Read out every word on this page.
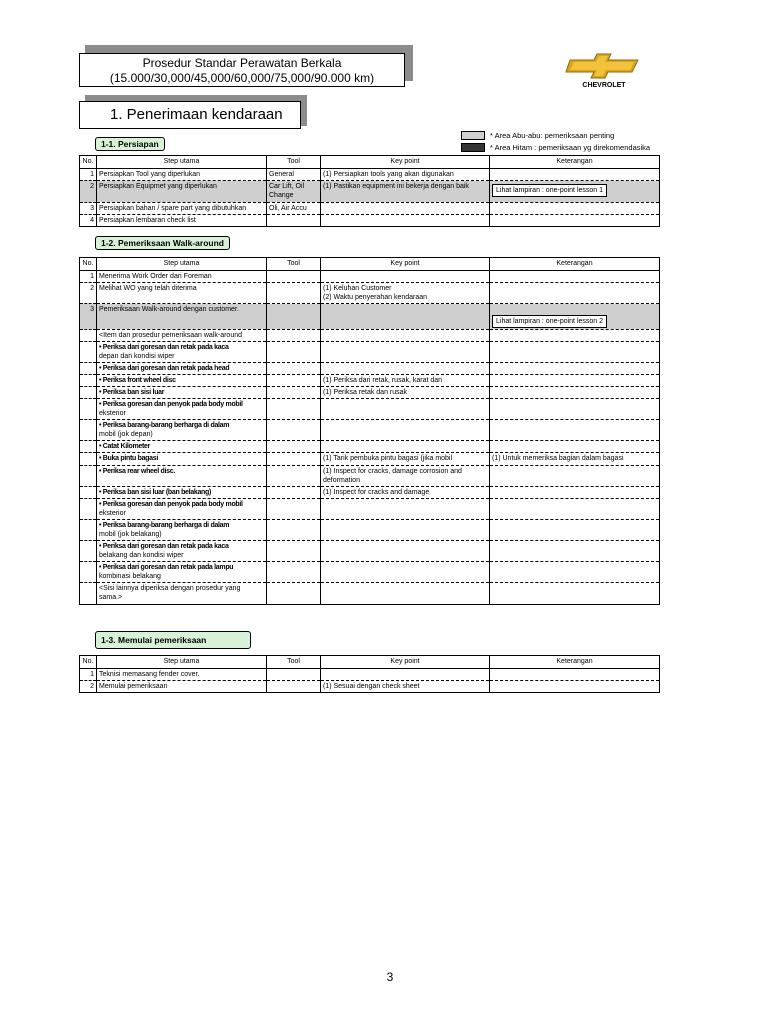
Prosedur Standar Perawatan Berkala
(15.000/30,000/45,000/60,000/75,000/90.000 km)
CHEVROLET
1. Penerimaan kendaraan
* Area Abu-abu: pemeriksaan penting
* Area Hitam : pemeriksaan yg direkomendasika
1-1. Persiapan
No.	Step utama	Tool	Key point	Keterangan
1	Persiapkan Tool yang diperlukan	General	(1) Persiapkan tools yang akan digunakan	
2	Persiapkan Equipmet yang diperlukan	Car Lift, Oil Change	(1) Pastikan equipment ini bekerja dengan baik	Lihat lampiran : one-point lesson 1
3	Persiapkan bahan / spare part yang dibutuhkan	Oli, Air Accu		
4	Persiapkan lembaran check list			
1-2. Pemeriksaan Walk-around
No.	Step utama	Tool	Key point	Keterangan
1	Menerima Work Order dari Foreman			
2	Melihat WO yang telah diterima		(1) Keluhan Customer
(2) Waktu penyerahan kendaraan	

3	Pemeriksaan Walk-around dengan customer.			Lihat lampiran : one-point lesson 2
	<Item dan prosedur pemeriksaan walk-around			

	• Periksa dari goresan dan retak pada kaca
depan dan kondisi wiper			

	• Periksa dari goresan dan retak pada head			
	• Periksa front wheel disc		(1) Periksa dari retak, rusak, karat dan	
	• Periksa ban sisi luar		(1) Periksa retak dan rusak	

	• Periksa goresan dan penyok pada body mobil
eksterior			

	• Periksa barang-barang berharga di dalam
mobil (jok depan)			

	• Catat Kilometer			
	• Buka pintu bagasi		(1) Tarik pembuka pintu bagasi (jika mobil	(1) Untuk memeriksa bagian dalam bagasi
	• Periksa rear wheel disc.		(1) Inspect for cracks, damage corrosion and
deformation	

	• Periksa ban sisi luar (ban belakang)		(1) Inspect for cracks and damage	

	• Periksa goresan dan penyok pada body mobil
eksterior			

	• Periksa barang-barang berharga di dalam
mobil (jok belakang)			

	• Periksa dari goresan dan retak pada kaca
belakang dan kondisi wiper			

	• Periksa dari goresan dan retak pada lampu
kombinasi belakang			

	<Sisi lainnya diperiksa dengan prosedur yang
sama.>			

1-3. Memulai pemeriksaan
No.	Step utama	Tool	Key point	Keterangan
1	Teknisi memasang fender cover.			
2	Memulai pemeriksaan		(1) Sesuai dengan check sheet	
3
